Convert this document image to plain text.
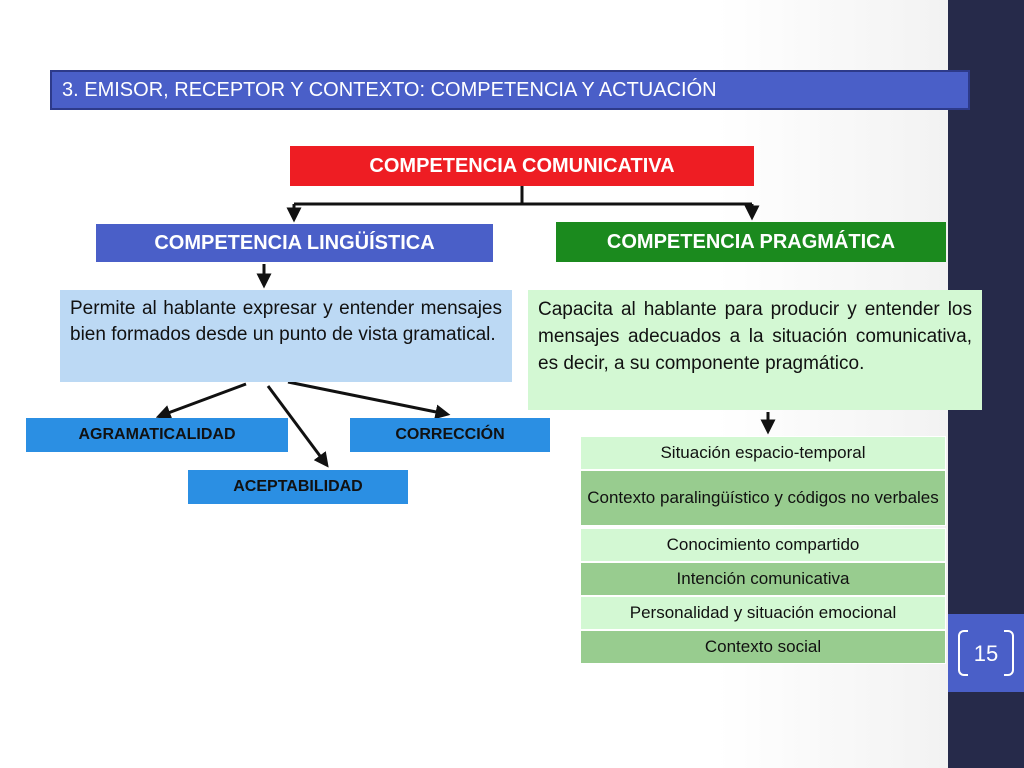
15
3. EMISOR, RECEPTOR Y CONTEXTO: COMPETENCIA Y ACTUACIÓN
COMPETENCIA COMUNICATIVA
COMPETENCIA LINGÜÍSTICA	COMPETENCIA PRAGMÁTICA
Permite al hablante expresar y entender mensajes bien formados desde un punto de vista gramatical.
Capacita al hablante para producir y entender los mensajes adecuados a la situación comunicativa, es decir, a su componente pragmático.
AGRAMATICALIDAD	CORRECCIÓN
ACEPTABILIDAD
Situación espacio-temporal
Contexto paralingüístico y códigos no verbales
Conocimiento compartido
Intención comunicativa
Personalidad y situación emocional
Contexto social
